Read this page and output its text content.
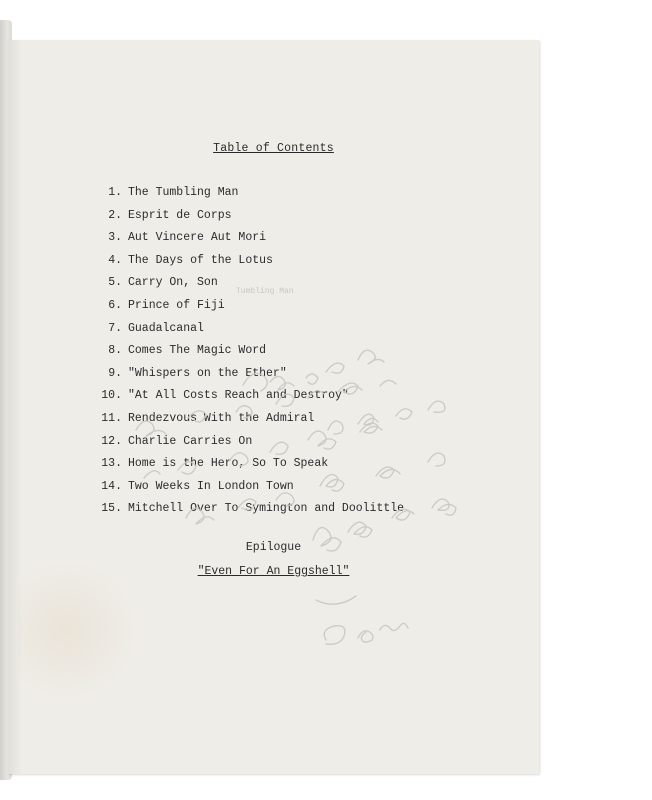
Tumbling Man
Table of Contents
1. The Tumbling Man
2. Esprit de Corps
3. Aut Vincere Aut Mori
4. The Days of the Lotus
5. Carry On, Son
6. Prince of Fiji
7. Guadalcanal
8. Comes The Magic Word
9. "Whispers on the Ether"
10. "At All Costs Reach and Destroy"
11. Rendezvous With the Admiral
12. Charlie Carries On
13. Home is the Hero, So To Speak
14. Two Weeks In London Town
15. Mitchell Over To Symington and Doolittle
Epilogue
"Even For An Eggshell"
